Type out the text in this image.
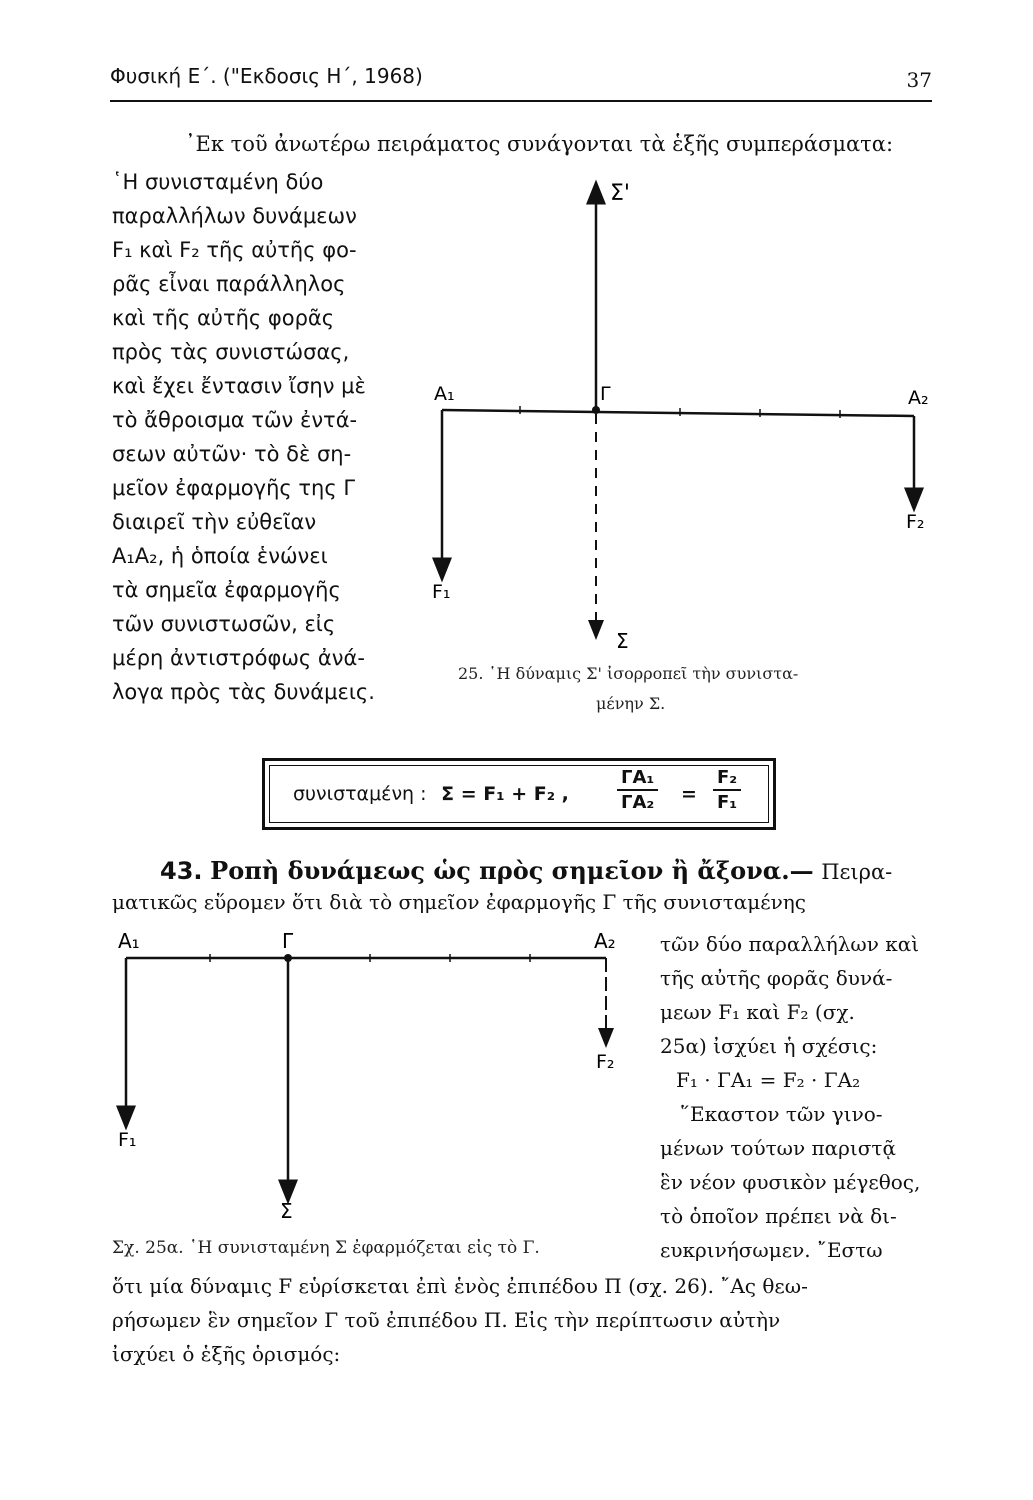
Φυσική Ε΄. ("Εκδοσις Η΄, 1968)	37
᾿Εκ τοῦ ἀνωτέρω πειράματος συνάγονται τὰ ἑξῆς συμπεράσματα:
῾Η συνισταμένη δύο
παραλλήλων δυνάμεων
F₁ καὶ F₂ τῆς αὐτῆς φο-
ρᾶς εἶναι παράλληλος
καὶ τῆς αὐτῆς φορᾶς
πρὸς τὰς συνιστώσας,
καὶ ἔχει ἔντασιν ἴσην μὲ
τὸ ἄθροισμα τῶν ἐντά-
σεων αὐτῶν· τὸ δὲ ση-
μεῖον ἐφαρμογῆς της Γ
διαιρεῖ τὴν εὐθεῖαν
A₁A₂, ἡ ὁποία ἑνώνει
τὰ σημεῖα ἐφαρμογῆς
τῶν συνιστωσῶν, εἰς
μέρη ἀντιστρόφως ἀνά-
λογα πρὸς τὰς δυνάμεις.
Σ'
A₁	Γ	A₂
F₂
F₁
Σ
25. ῾Η δύναμις Σ' ἰσορροπεῖ τὴν συνιστα-
μένην Σ.
συνισταμένη : Σ = F₁ + F₂ ,	$\frac{\text{ΓA₁}}{\text{ΓA₂}} = \frac{\text{F₂}}{\text{F₁}}$
43. Ροπὴ δυνάμεως ὡς πρὸς σημεῖον ἢ ἄξονα.— Πειρα-
ματικῶς εὕρομεν ὅτι διὰ τὸ σημεῖον ἐφαρμογῆς Γ τῆς συνισταμένης
A₁	Γ	A₂
F₂
F₁
Σ
Σχ. 25α. ῾Η συνισταμένη Σ ἐφαρμόζεται εἰς τὸ Γ.
τῶν δύο παραλλήλων καὶ
τῆς αὐτῆς φορᾶς δυνά-
μεων F₁ καὶ F₂ (σχ.
25α) ἰσχύει ἡ σχέσις:
F₁ · ΓA₁ = F₂ · ΓA₂
῞Εκαστον τῶν γινο-
μένων τούτων παριστᾷ
ἓν νέον φυσικὸν μέγεθος,
τὸ ὁποῖον πρέπει νὰ δι-
ευκρινήσωμεν. ῎Εστω
ὅτι μία δύναμις F εὑρίσκεται ἐπὶ ἑνὸς ἐπιπέδου Π (σχ. 26). ῎Ας θεω-
ρήσωμεν ἓν σημεῖον Γ τοῦ ἐπιπέδου Π. Εἰς τὴν περίπτωσιν αὐτὴν
ἰσχύει ὁ ἑξῆς ὁρισμός:
